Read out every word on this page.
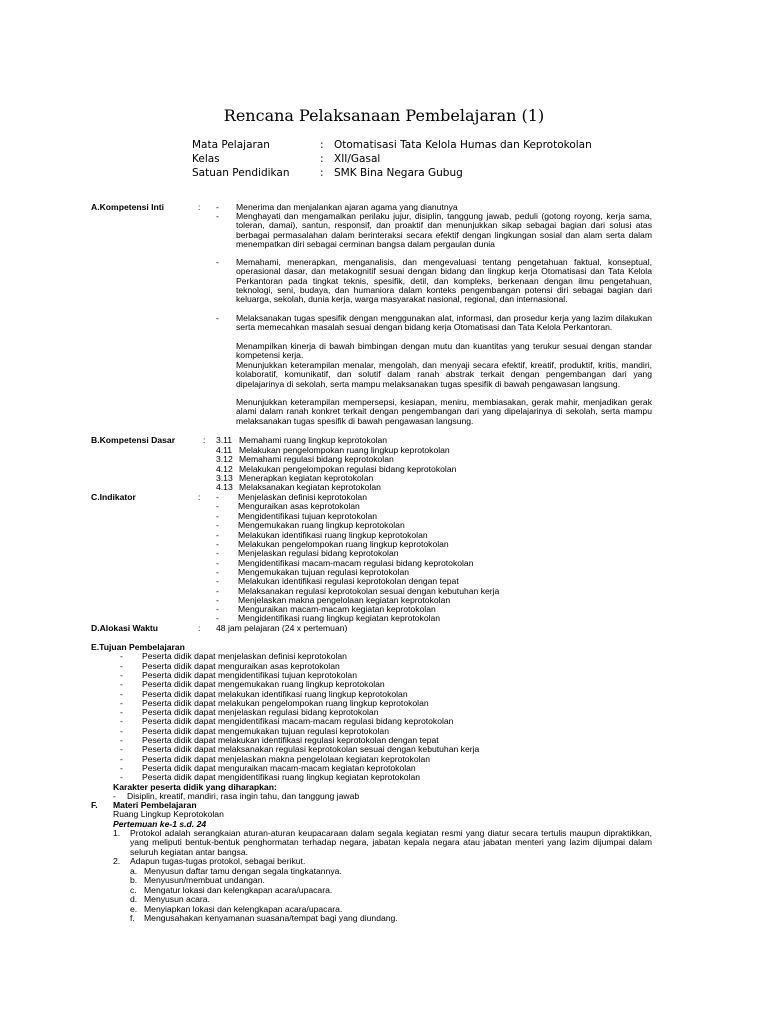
Rencana Pelaksanaan Pembelajaran (1)
Mata Pelajaran	: Otomatisasi Tata Kelola Humas dan Keprotokolan
Kelas	: XII/Gasal
Satuan Pendidikan	: SMK Bina Negara Gubug
A.Kompetensi Inti	: - Menerima dan menjalankan ajaran agama yang dianutnya
- Menghayati dan mengamalkan perilaku jujur, disiplin, tanggung jawab, peduli (gotong royong, kerja sama, toleran, damai), santun, responsif, dan proaktif dan menunjukkan sikap sebagai bagian dari solusi atas berbagai permasalahan dalam berinteraksi secara efektif dengan lingkungan sosial dan alam serta dalam menempatkan diri sebagai cerminan bangsa dalam pergaulan dunia
- Memahami, menerapkan, menganalisis, dan mengevaluasi tentang pengetahuan faktual, konseptual, operasional dasar, dan metakognitif sesuai dengan bidang dan lingkup kerja Otomatisasi dan Tata Kelola Perkantoran pada tingkat teknis, spesifik, detil, dan kompleks, berkenaan dengan ilmu pengetahuan, teknologi, seni, budaya, dan humaniora dalam konteks pengembangan potensi diri sebagai bagian dari keluarga, sekolah, dunia kerja, warga masyarakat nasional, regional, dan internasional.
- Melaksanakan tugas spesifik dengan menggunakan alat, informasi, dan prosedur kerja yang lazim dilakukan serta memecahkan masalah sesuai dengan bidang kerja Otomatisasi dan Tata Kelola Perkantoran.
Menampilkan kinerja di bawah bimbingan dengan mutu dan kuantitas yang terukur sesuai dengan standar kompetensi kerja.
Menunjukkan keterampilan menalar, mengolah, dan menyaji secara efektif, kreatif, produktif, kritis, mandiri, kolaboratif, komunikatif, dan solutif dalam ranah abstrak terkait dengan pengembangan dari yang dipelajarinya di sekolah, serta mampu melaksanakan tugas spesifik di bawah pengawasan langsung.
Menunjukkan keterampilan mempersepsi, kesiapan, meniru, membiasakan, gerak mahir, menjadikan gerak alami dalam ranah konkret terkait dengan pengembangan dari yang dipelajarinya di sekolah, serta mampu melaksanakan tugas spesifik di bawah pengawasan langsung.
B.Kompetensi Dasar	: 3.11 Memahami ruang lingkup keprotokolan
4.11 Melakukan pengelompokan ruang lingkup keprotokolan
3.12 Memahami regulasi bidang keprotokolan
4.12 Melakukan pengelompokan regulasi bidang keprotokolan
3.13 Menerapkan kegiatan keprotokolan
4.13 Melaksanakan kegiatan keprotokolan
C.Indikator	: -	Menjelaskan definisi keprotokolan
-	Menguraikan asas keprotokolan
-	Mengidentifikasi tujuan keprotokolan
-	Mengemukakan ruang lingkup keprotokolan
-	Melakukan identifikasi ruang lingkup keprotokolan
-	Melakukan pengelompokan ruang lingkup keprotokolan
-	Menjelaskan regulasi bidang keprotokolan
-	Mengidentifikasi macam-macam regulasi bidang keprotokolan
-	Mengemukakan tujuan regulasi keprotokolan
-	Melakukan identifikasi regulasi keprotokolan dengan tepat
-	Melaksanakan regulasi keprotokolan sesuai dengan kebutuhan kerja
-	Menjelaskan makna pengelolaan kegiatan keprotokolan
-	Menguraikan macam-macam kegiatan keprotokolan
-	Mengidentifikasi ruang lingkup kegiatan keprotokolan
D.Alokasi Waktu	: 48 jam pelajaran (24 x pertemuan)
E.Tujuan Pembelajaran
-	Peserta didik dapat menjelaskan definisi keprotokolan
-	Peserta didik dapat menguraikan asas keprotokolan
-	Peserta didik dapat mengidentifikasi tujuan keprotokolan
-	Peserta didik dapat mengemukakan ruang lingkup keprotokolan
-	Peserta didik dapat melakukan identifikasi ruang lingkup keprotokolan
-	Peserta didik dapat melakukan pengelompokan ruang lingkup keprotokolan
-	Peserta didik dapat menjelaskan regulasi bidang keprotokolan
-	Peserta didik dapat mengidentifikasi macam-macam regulasi bidang keprotokolan
-	Peserta didik dapat mengemukakan tujuan regulasi keprotokolan
-	Peserta didik dapat melakukan identifikasi regulasi keprotokolan dengan tepat
-	Peserta didik dapat melaksanakan regulasi keprotokolan sesuai dengan kebutuhan kerja
-	Peserta didik dapat menjelaskan makna pengelolaan kegiatan keprotokolan
-	Peserta didik dapat menguraikan macam-macam kegiatan keprotokolan
-	Peserta didik dapat mengidentifikasi ruang lingkup kegiatan keprotokolan
Karakter peserta didik yang diharapkan:
-	Disiplin, kreatif, mandiri, rasa ingin tahu, dan tanggung jawab
F. Materi Pembelajaran
Ruang Lingkup Keprotokolan
Pertemuan ke-1 s.d. 24
1. Protokol adalah serangkaian aturan-aturan keupacaraan dalam segala kegiatan resmi yang diatur secara tertulis maupun dipraktikkan, yang meliputi bentuk-bentuk penghormatan terhadap negara, jabatan kepala negara atau jabatan menteri yang lazim dijumpai dalam seluruh kegiatan antar bangsa.
2. Adapun tugas-tugas protokol, sebagai berikut.
a. Menyusun daftar tamu dengan segala tingkatannya.
b. Menyusun/membuat undangan.
c. Mengatur lokasi dan kelengkapan acara/upacara.
d. Menyusun acara.
e. Menyiapkan lokasi dan kelengkapan acara/upacara.
f.	Mengusahakan kenyamanan suasana/tempat bagi yang diundang.
